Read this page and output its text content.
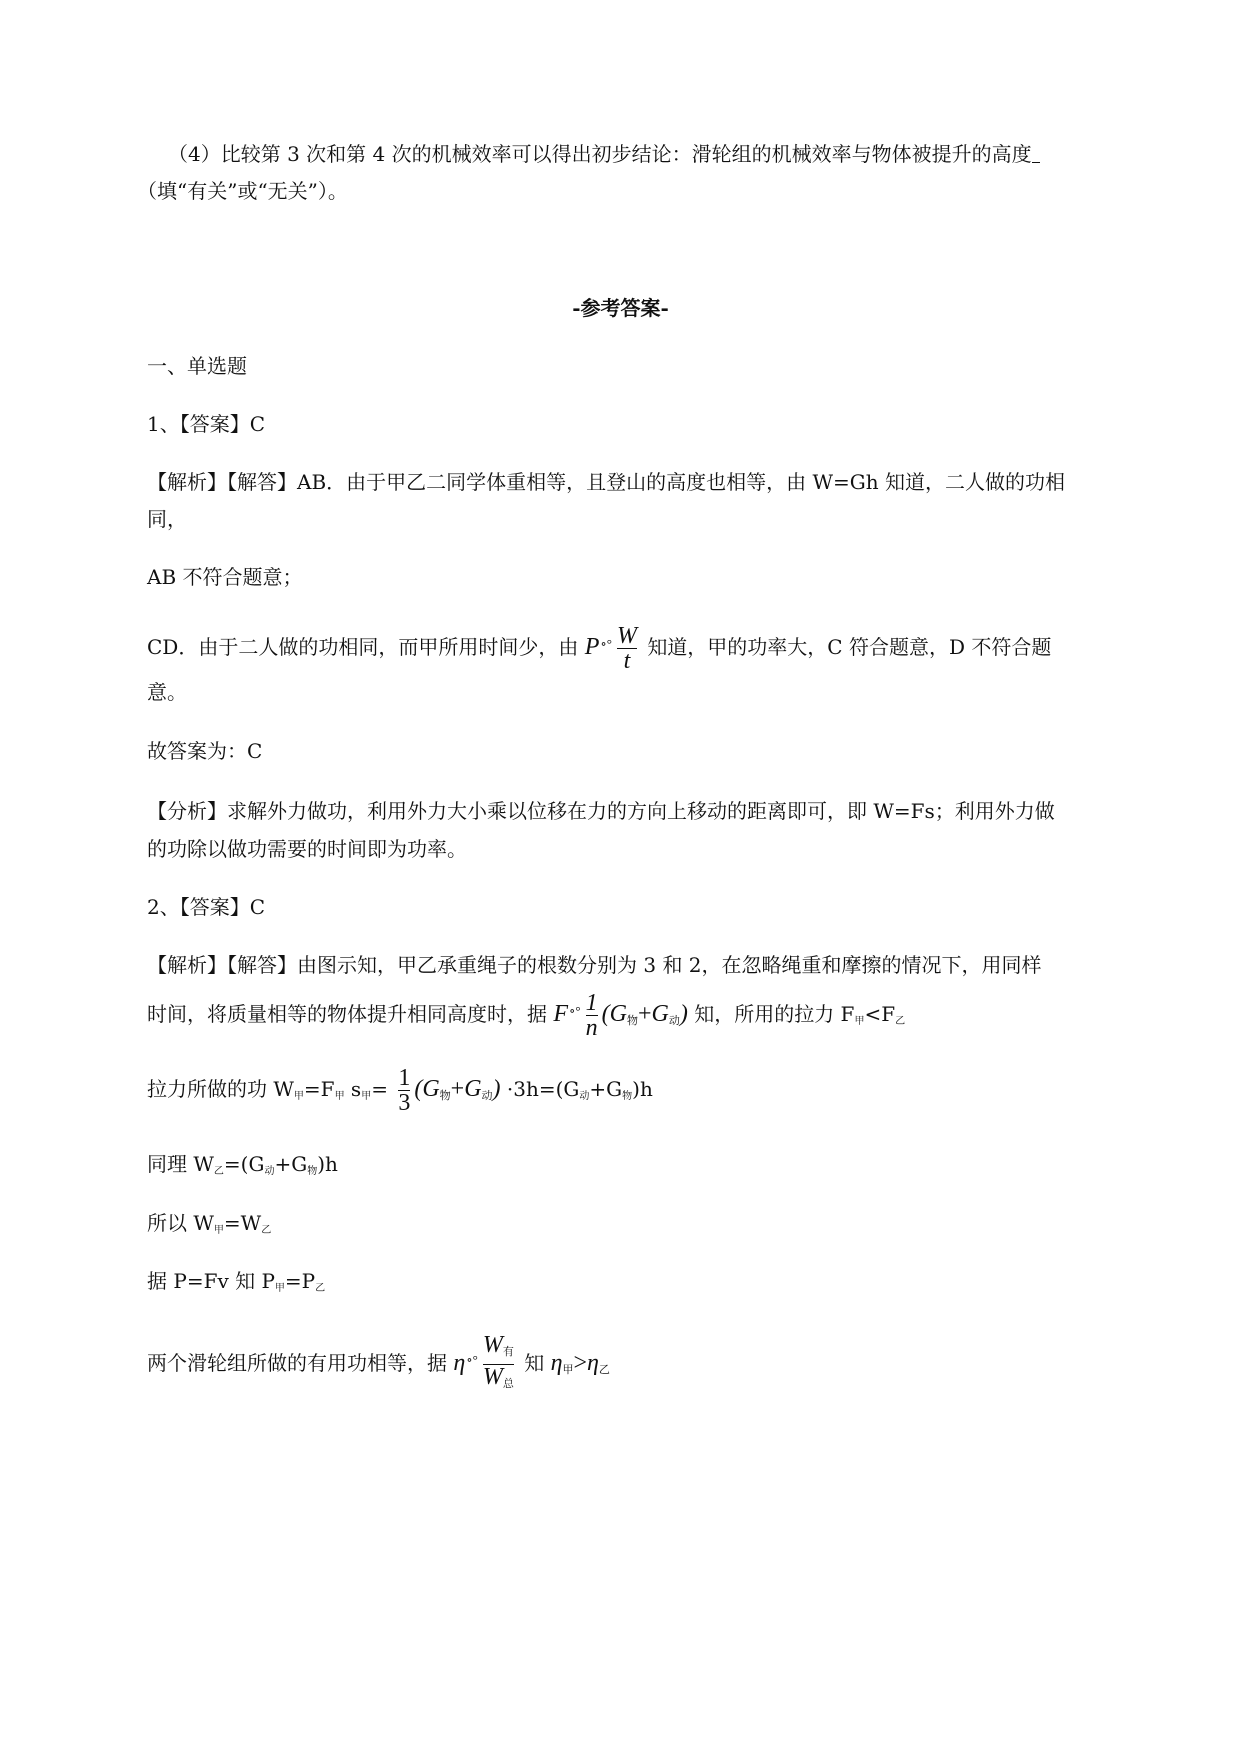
（4）比较第 3 次和第 4 次的机械效率可以得出初步结论：滑轮组的机械效率与物体被提升的高度
（填“有关”或“无关”）。
-参考答案-
一、单选题
1、【答案】C
【解析】【解答】AB．由于甲乙二同学体重相等，且登山的高度也相等，由 W=Gh 知道，二人做的功相
同，
AB 不符合题意；
CD．由于二人做的功相同，而甲所用时间少，由 $P^{\circ^\circ} \frac{W}{t}$ 知道，甲的功率大，C 符合题意，D 不符合题
意。
故答案为：C
【分析】求解外力做功，利用外力大小乘以位移在力的方向上移动的距离即可，即 W=Fs；利用外力做
的功除以做功需要的时间即为功率。
2、【答案】C
【解析】【解答】由图示知，甲乙承重绳子的根数分别为 3 和 2，在忽略绳重和摩擦的情况下，用同样
时间，将质量相等的物体提升相同高度时，据 $F^{\circ^\circ} \frac{1}{n} (G_物+G_动)$ 知，所用的拉力 F甲<F乙
拉力所做的功 W甲=F甲 s甲= $\frac{1}{3} (G_物+G_动) \cdot 3h=(G$动+G物)h
同理 W乙=(G动+G物)h
所以 W甲=W乙
据 P=Fv 知 P甲=P乙
两个滑轮组所做的有用功相等，据 $\eta^{\circ^\circ} \frac{W_有}{W_总}$ 知 $\eta_甲>\eta_乙$
